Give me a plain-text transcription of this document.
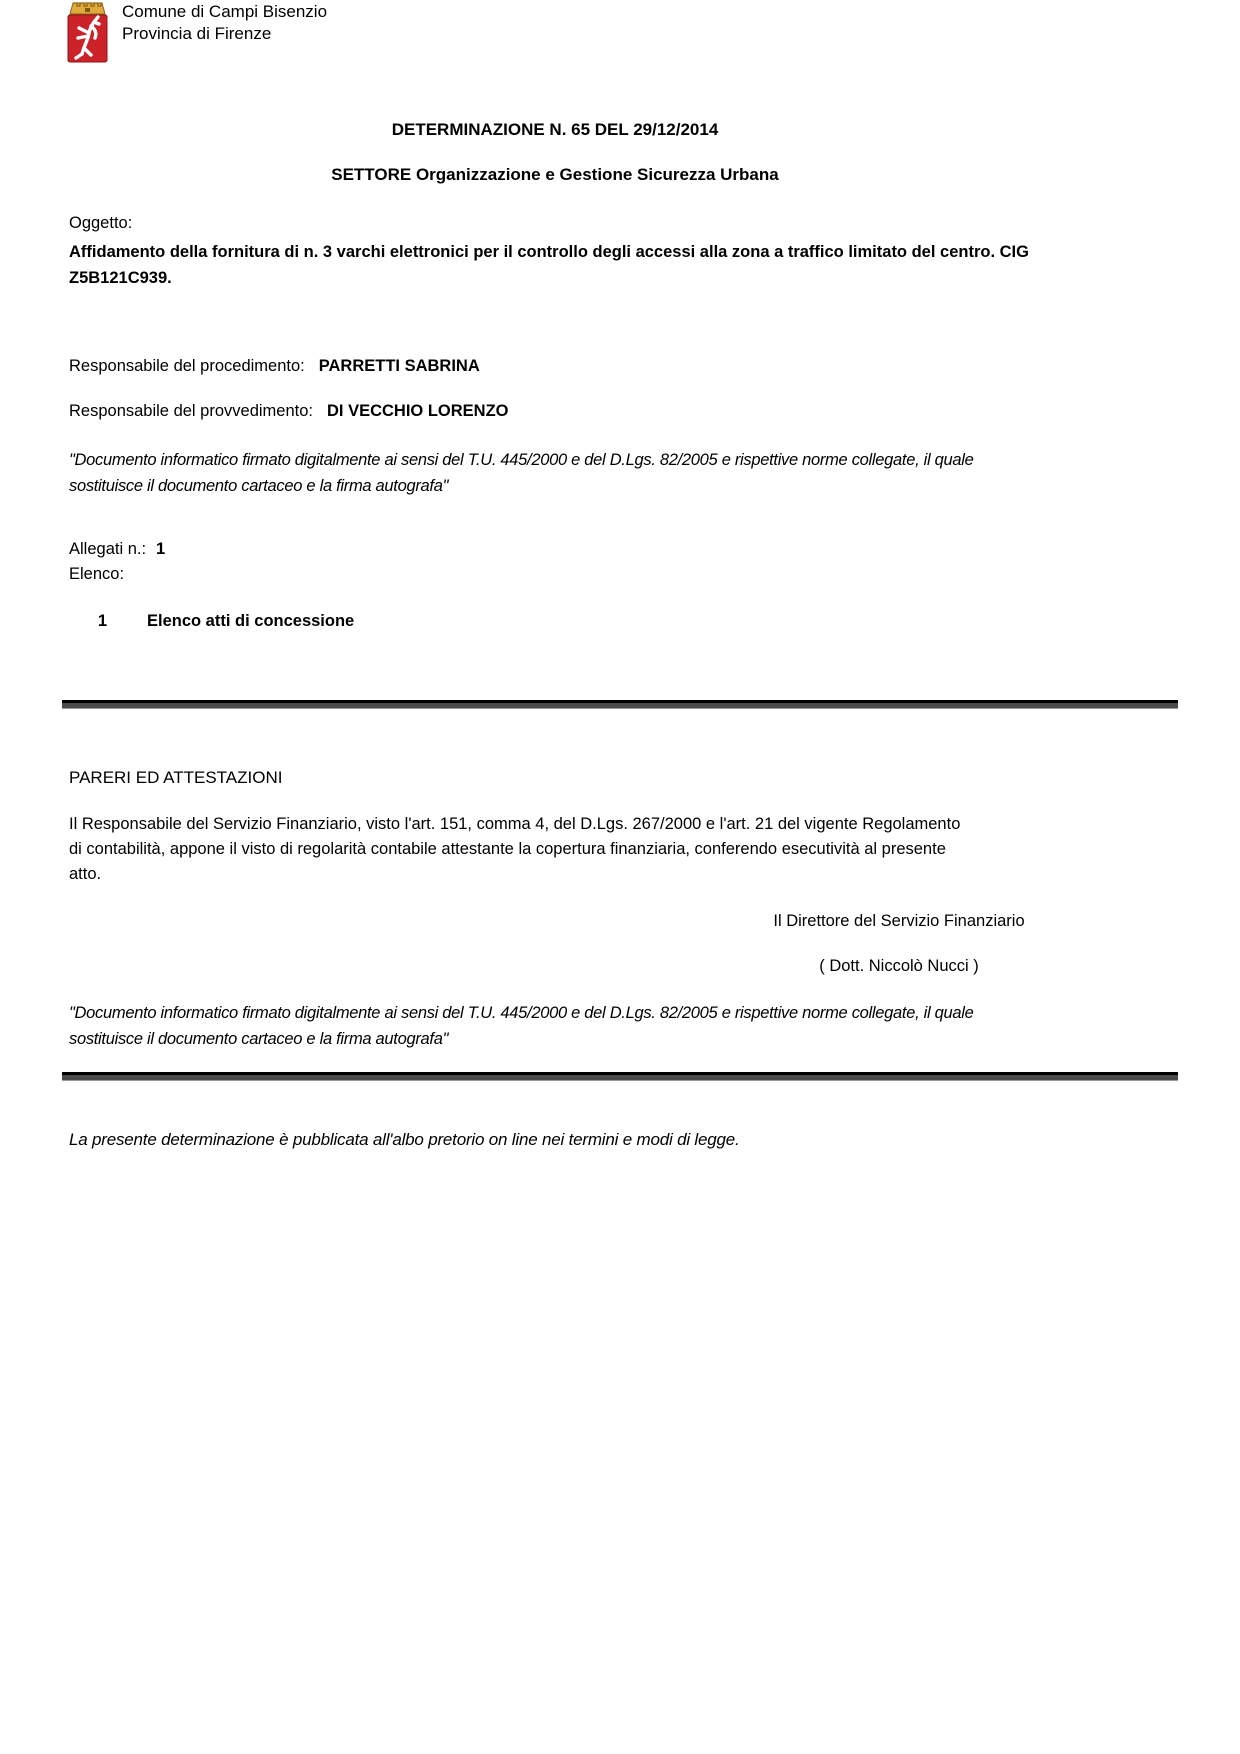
Comune di Campi Bisenzio
Provincia di Firenze
DETERMINAZIONE N. 65 DEL 29/12/2014
SETTORE Organizzazione e Gestione Sicurezza Urbana
Oggetto:
Affidamento della fornitura di n. 3 varchi elettronici per il controllo degli accessi alla zona a traffico limitato del centro. CIG Z5B121C939.
Responsabile del procedimento: PARRETTI SABRINA
Responsabile del provvedimento: DI VECCHIO LORENZO
"Documento informatico firmato digitalmente ai sensi del T.U. 445/2000 e del D.Lgs. 82/2005 e rispettive norme collegate, il quale sostituisce il documento cartaceo e la firma autografa"
Allegati n.: 1
Elenco:
1	Elenco atti di concessione
PARERI ED ATTESTAZIONI
Il Responsabile del Servizio Finanziario, visto l'art. 151, comma 4, del D.Lgs. 267/2000 e l'art. 21 del vigente Regolamento di contabilità, appone il visto di regolarità contabile attestante la copertura finanziaria, conferendo esecutività al presente atto.
Il Direttore del Servizio Finanziario
( Dott. Niccolò Nucci )
"Documento informatico firmato digitalmente ai sensi del T.U. 445/2000 e del D.Lgs. 82/2005 e rispettive norme collegate, il quale sostituisce il documento cartaceo e la firma autografa"
La presente determinazione è pubblicata all'albo pretorio on line nei termini e modi di legge.
